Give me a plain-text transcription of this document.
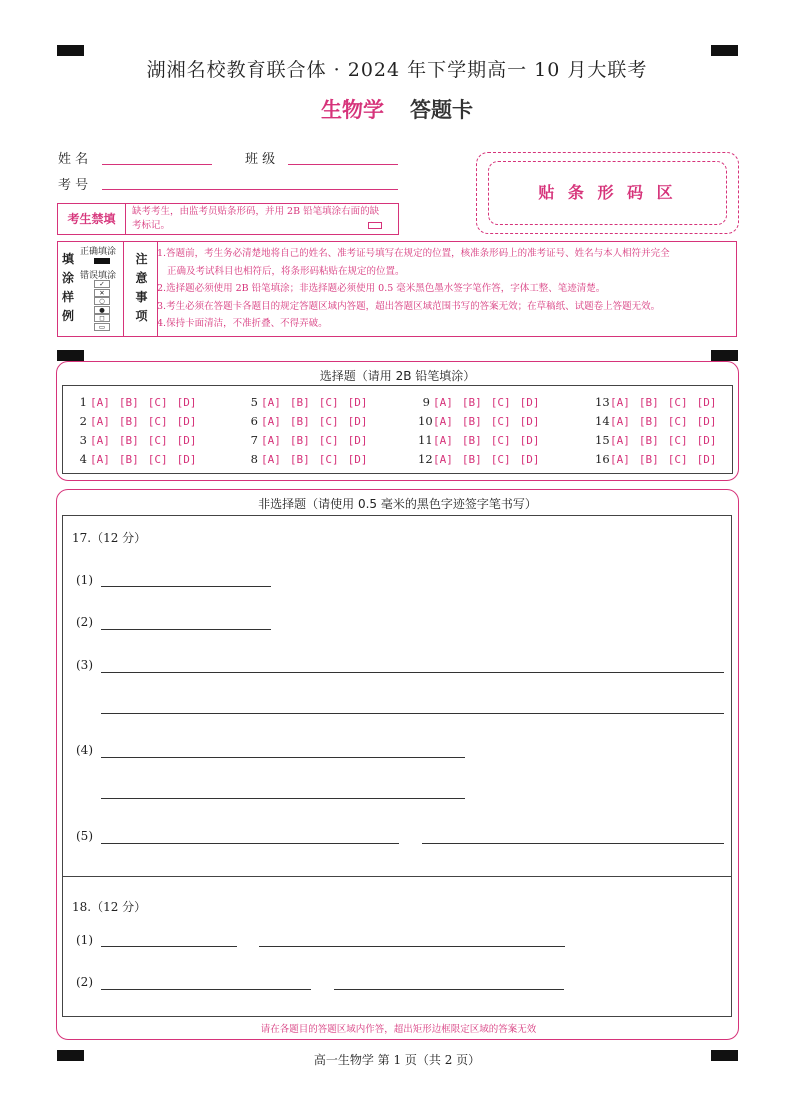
湖湘名校教育联合体 · 2024 年下学期高一 10 月大联考
生物学 答题卡
姓 名	班 级
考 号
考生禁填
缺考考生，由监考员贴条形码，并用 2B 铅笔填涂右面的缺考标记。
贴 条 形 码 区
填
涂
样
例
正确填涂
错误填涂
✓
✕
○
●
◻
▭
注
意
事
项
1.答题前，考生务必清楚地将自己的姓名、准考证号填写在规定的位置，核准条形码上的准考证号、姓名与本人相符并完全
正确及考试科目也相符后，将条形码粘贴在规定的位置。
2.选择题必须使用 2B 铅笔填涂；非选择题必须使用 0.5 毫米黑色墨水签字笔作答，字体工整、笔迹清楚。
3.考生必须在答题卡各题目的规定答题区域内答题，超出答题区域范围书写的答案无效；在草稿纸、试题卷上答题无效。
4.保持卡面清洁，不准折叠、不得弄破。
选择题（请用 2B 铅笔填涂）
1 [A] [B] [C] [D]
2 [A] [B] [C] [D]
3 [A] [B] [C] [D]
4 [A] [B] [C] [D]
5 [A] [B] [C] [D]
6 [A] [B] [C] [D]
7 [A] [B] [C] [D]
8 [A] [B] [C] [D]
9 [A] [B] [C] [D]
10[A] [B] [C] [D]
11[A] [B] [C] [D]
12[A] [B] [C] [D]
13[A] [B] [C] [D]
14[A] [B] [C] [D]
15[A] [B] [C] [D]
16[A] [B] [C] [D]
非选择题（请使用 0.5 毫米的黑色字迹签字笔书写）
请在各题目的答题区域内作答，超出矩形边框限定区域的答案无效
17.（12 分）
(1)
(2)
(3)
(4)
(5)
18.（12 分）
(1)
(2)
高一生物学 第 1 页（共 2 页）
